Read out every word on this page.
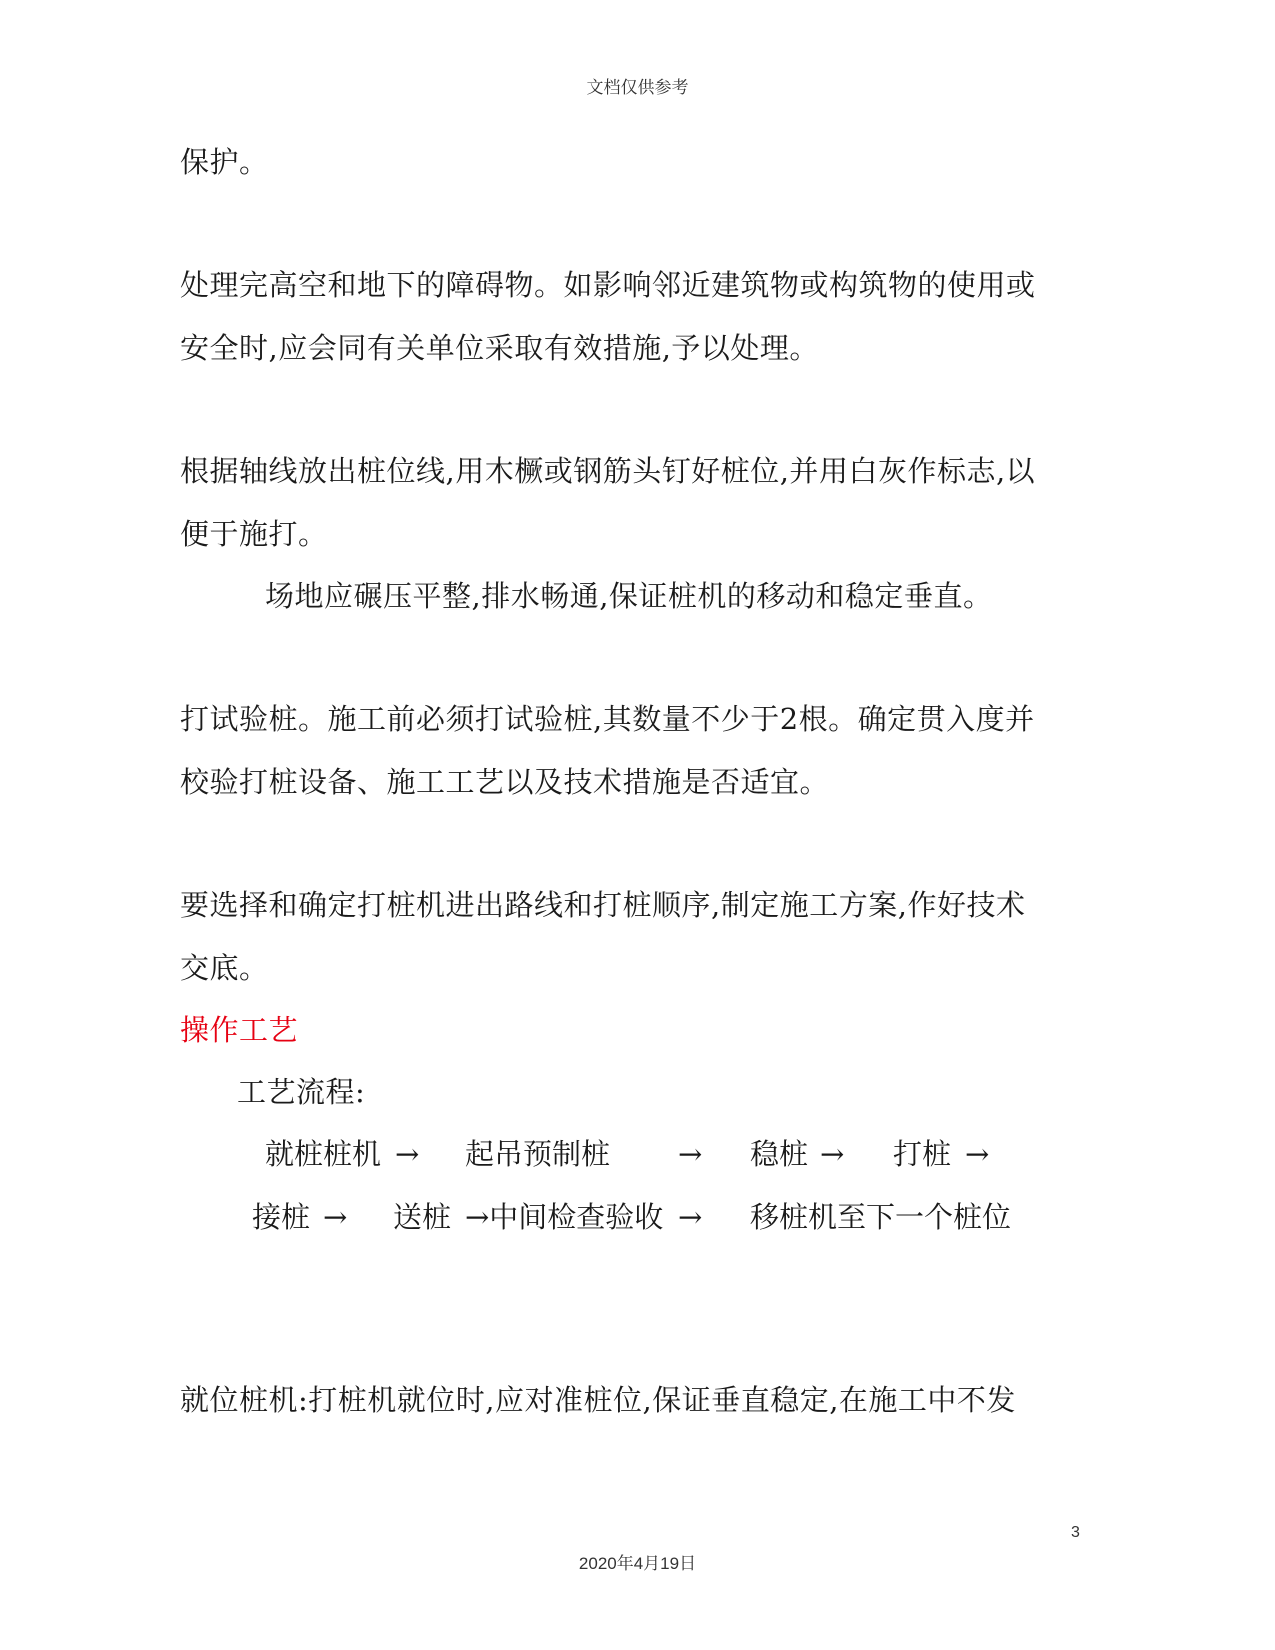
文档仅供参考
保护。
处理完高空和地下的障碍物。如影响邻近建筑物或构筑物的使用或
安全时,应会同有关单位采取有效措施,予以处理。
根据轴线放出桩位线,用木橛或钢筋头钉好桩位,并用白灰作标志,以
便于施打。
场地应碾压平整,排水畅通,保证桩机的移动和稳定垂直。
打试验桩。施工前必须打试验桩,其数量不少于2根。确定贯入度并
校验打桩设备、施工工艺以及技术措施是否适宜。
要选择和确定打桩机进出路线和打桩顺序,制定施工方案,作好技术
交底。
操作工艺
工艺流程:
就桩桩机 → 起吊预制桩 → 稳桩 → 打桩 →
接桩 → 送桩 →中间检查验收 → 移桩机至下一个桩位
就位桩机:打桩机就位时,应对准桩位,保证垂直稳定,在施工中不发
3
2020年4月19日
